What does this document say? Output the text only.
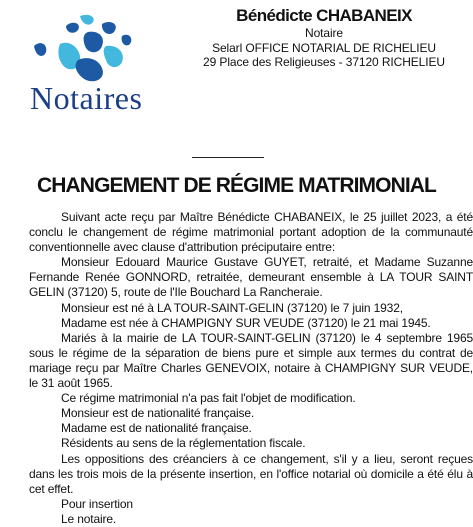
Notaires
Bénédicte CHABANEIX
Notaire
Selarl OFFICE NOTARIAL DE RICHELIEU
29 Place des Religieuses - 37120 RICHELIEU
CHANGEMENT DE RÉGIME MATRIMONIAL

Suivant acte reçu par Maître Bénédicte CHABANEIX, le 25 juillet 2023, a été conclu le changement de régime matrimonial portant adoption de la communauté conventionnelle avec clause d'attribution préciputaire entre:

Monsieur Edouard Maurice Gustave GUYET, retraité, et Madame Suzanne Fernande Renée GONNORD, retraitée, demeurant ensemble à LA TOUR SAINT GELIN (37120) 5, route de l'Ile Bouchard La Rancheraie.

Monsieur est né à LA TOUR-SAINT-GELIN (37120) le 7 juin 1932,

Madame est née à CHAMPIGNY SUR VEUDE (37120) le 21 mai 1945.

Mariés à la mairie de LA TOUR-SAINT-GELIN (37120) le 4 septembre 1965 sous le régime de la séparation de biens pure et simple aux termes du contrat de mariage reçu par Maître Charles GENEVOIX, notaire à CHAMPIGNY SUR VEUDE, le 31 août 1965.

Ce régime matrimonial n'a pas fait l'objet de modification.

Monsieur est de nationalité française.

Madame est de nationalité française.

Résidents au sens de la réglementation fiscale.

Les oppositions des créanciers à ce changement, s'il y a lieu, seront reçues dans les trois mois de la présente insertion, en l'office notarial où domicile a été élu à cet effet.

Pour insertion

Le notaire.
